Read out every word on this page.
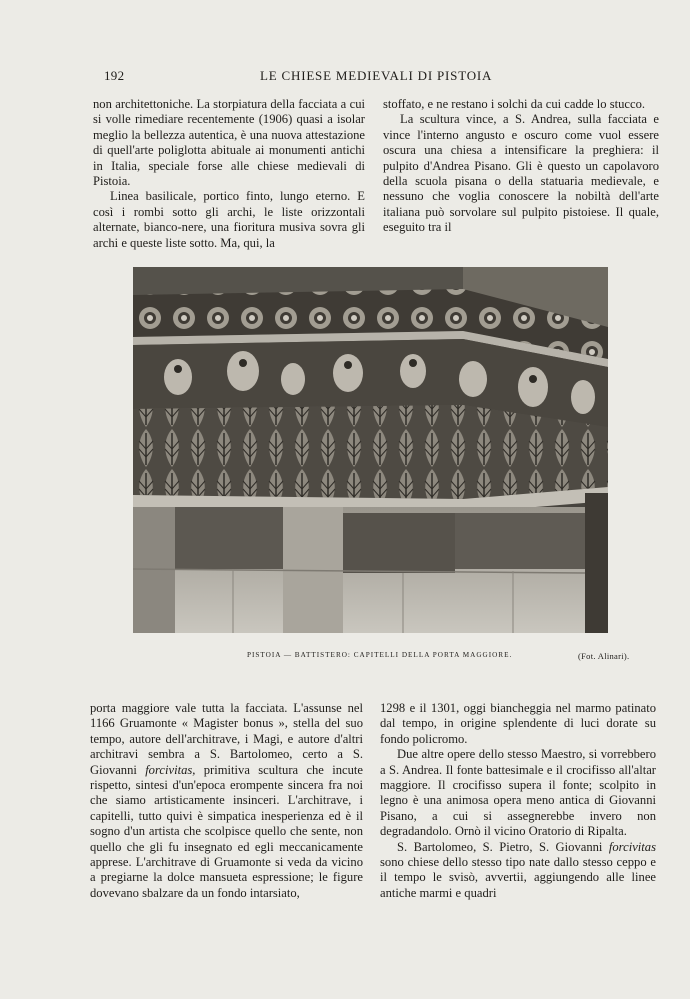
192	LE CHIESE MEDIEVALI DI PISTOIA

non architettoniche. La storpiatura della facciata a cui si volle rimediare recentemente (1906) quasi a isolar meglio la bellezza autentica, è una nuova attestazione di quell'arte poliglotta abituale ai monumenti antichi in Italia, speciale forse alle chiese medievali di Pistoia.

Linea basilicale, portico finto, lungo eterno. E così i rombi sotto gli archi, le liste orizzontali alternate, bianco-nere, una fioritura musiva sovra gli archi e queste liste sotto. Ma, qui, la

stoffato, e ne restano i solchi da cui cadde lo stucco.

La scultura vince, a S. Andrea, sulla facciata e vince l'interno angusto e oscuro come vuol essere oscura una chiesa a intensificare la preghiera: il pulpito d'Andrea Pisano. Gli è questo un capolavoro della scuola pisana o della statuaria medievale, e nessuno che voglia conoscere la nobiltà dell'arte italiana può sorvolare sul pulpito pistoiese. Il quale, eseguito tra il

PISTOIA — BATTISTERO: CAPITELLI DELLA PORTA MAGGIORE.	(Fot. Alinari).

porta maggiore vale tutta la facciata. L'assunse nel 1166 Gruamonte « Magister bonus », stella del suo tempo, autore dell'architrave, i Magi, e autore d'altri architravi sembra a S. Bartolomeo, certo a S. Giovanni forcivitas, primitiva scultura che incute rispetto, sintesi d'un'epoca erompente sincera fra noi che siamo artisticamente insinceri. L'architrave, i capitelli, tutto quivi è simpatica inesperienza ed è il sogno d'un artista che scolpisce quello che sente, non quello che gli fu insegnato ed egli meccanicamente apprese. L'architrave di Gruamonte si veda da vicino a pregiarne la dolce mansueta espressione; le figure dovevano sbalzare da un fondo intarsiato,

1298 e il 1301, oggi biancheggia nel marmo patinato dal tempo, in origine splendente di luci dorate su fondo policromo.

Due altre opere dello stesso Maestro, si vorrebbero a S. Andrea. Il fonte battesimale e il crocifisso all'altar maggiore. Il crocifisso supera il fonte; scolpito in legno è una animosa opera meno antica di Giovanni Pisano, a cui si assegnerebbe invero non degradandolo. Ornò il vicino Oratorio di Ripalta.

S. Bartolomeo, S. Pietro, S. Giovanni forcivitas sono chiese dello stesso tipo nate dallo stesso ceppo e il tempo le svisò, avvertii, aggiungendo alle linee antiche marmi e quadri
